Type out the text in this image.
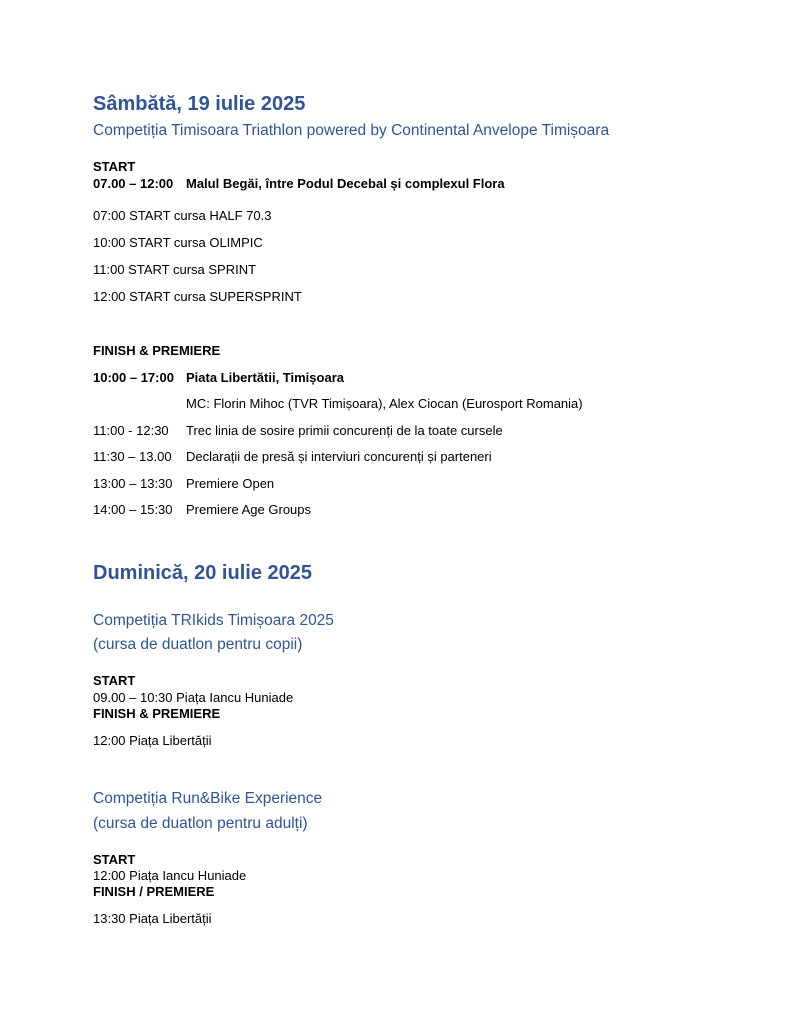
Sâmbătă, 19 iulie 2025
Competiția Timisoara Triathlon powered by Continental Anvelope Timișoara
START
07.00 – 12:00 Malul Begăi, între Podul Decebal și complexul Flora
07:00 START cursa HALF 70.3
10:00 START cursa OLIMPIC
11:00 START cursa SPRINT
12:00 START cursa SUPERSPRINT
FINISH & PREMIERE
10:00 – 17:00 Piata Libertătii, Timișoara
MC: Florin Mihoc (TVR Timișoara), Alex Ciocan (Eurosport Romania)
11:00 - 12:30 Trec linia de sosire primii concurenți de la toate cursele
11:30 – 13.00 Declarații de presă și interviuri concurenți și parteneri
13:00 – 13:30 Premiere Open
14:00 – 15:30 Premiere Age Groups
Duminică, 20 iulie 2025
Competiția TRIkids Timișoara 2025
(cursa de duatlon pentru copii)
START
09.00 – 10:30 Piața Iancu Huniade
FINISH & PREMIERE
12:00 Piața Libertății
Competiția Run&Bike Experience
(cursa de duatlon pentru adulți)
START
12:00 Piața Iancu Huniade
FINISH / PREMIERE
13:30 Piața Libertății
